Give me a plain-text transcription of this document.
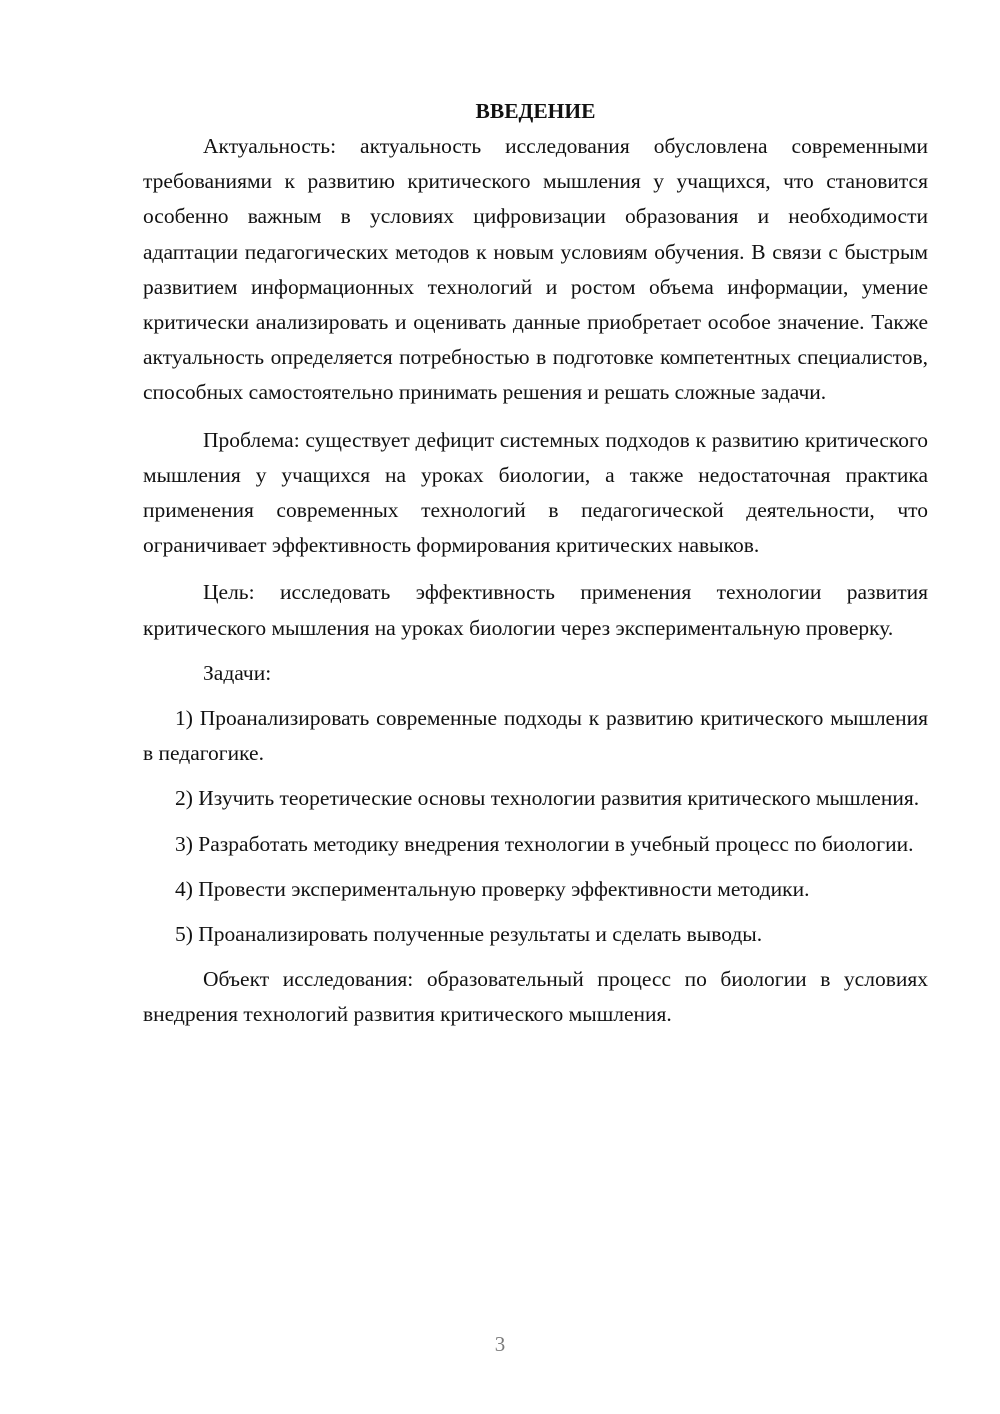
ВВЕДЕНИЕ

Актуальность: актуальность исследования обусловлена современными требованиями к развитию критического мышления у учащихся, что становится особенно важным в условиях цифровизации образования и необходимости адаптации педагогических методов к новым условиям обучения. В связи с быстрым развитием информационных технологий и ростом объема информации, умение критически анализировать и оценивать данные приобретает особое значение. Также актуальность определяется потребностью в подготовке компетентных специалистов, способных самостоятельно принимать решения и решать сложные задачи.

Проблема: существует дефицит системных подходов к развитию критического мышления у учащихся на уроках биологии, а также недостаточная практика применения современных технологий в педагогической деятельности, что ограничивает эффективность формирования критических навыков.

Цель: исследовать эффективность применения технологии развития критического мышления на уроках биологии через экспериментальную проверку.

Задачи:

1) Проанализировать современные подходы к развитию критического мышления в педагогике.

2) Изучить теоретические основы технологии развития критического мышления.

3) Разработать методику внедрения технологии в учебный процесс по биологии.

4) Провести экспериментальную проверку эффективности методики.

5) Проанализировать полученные результаты и сделать выводы.

Объект исследования: образовательный процесс по биологии в условиях внедрения технологий развития критического мышления.

3
